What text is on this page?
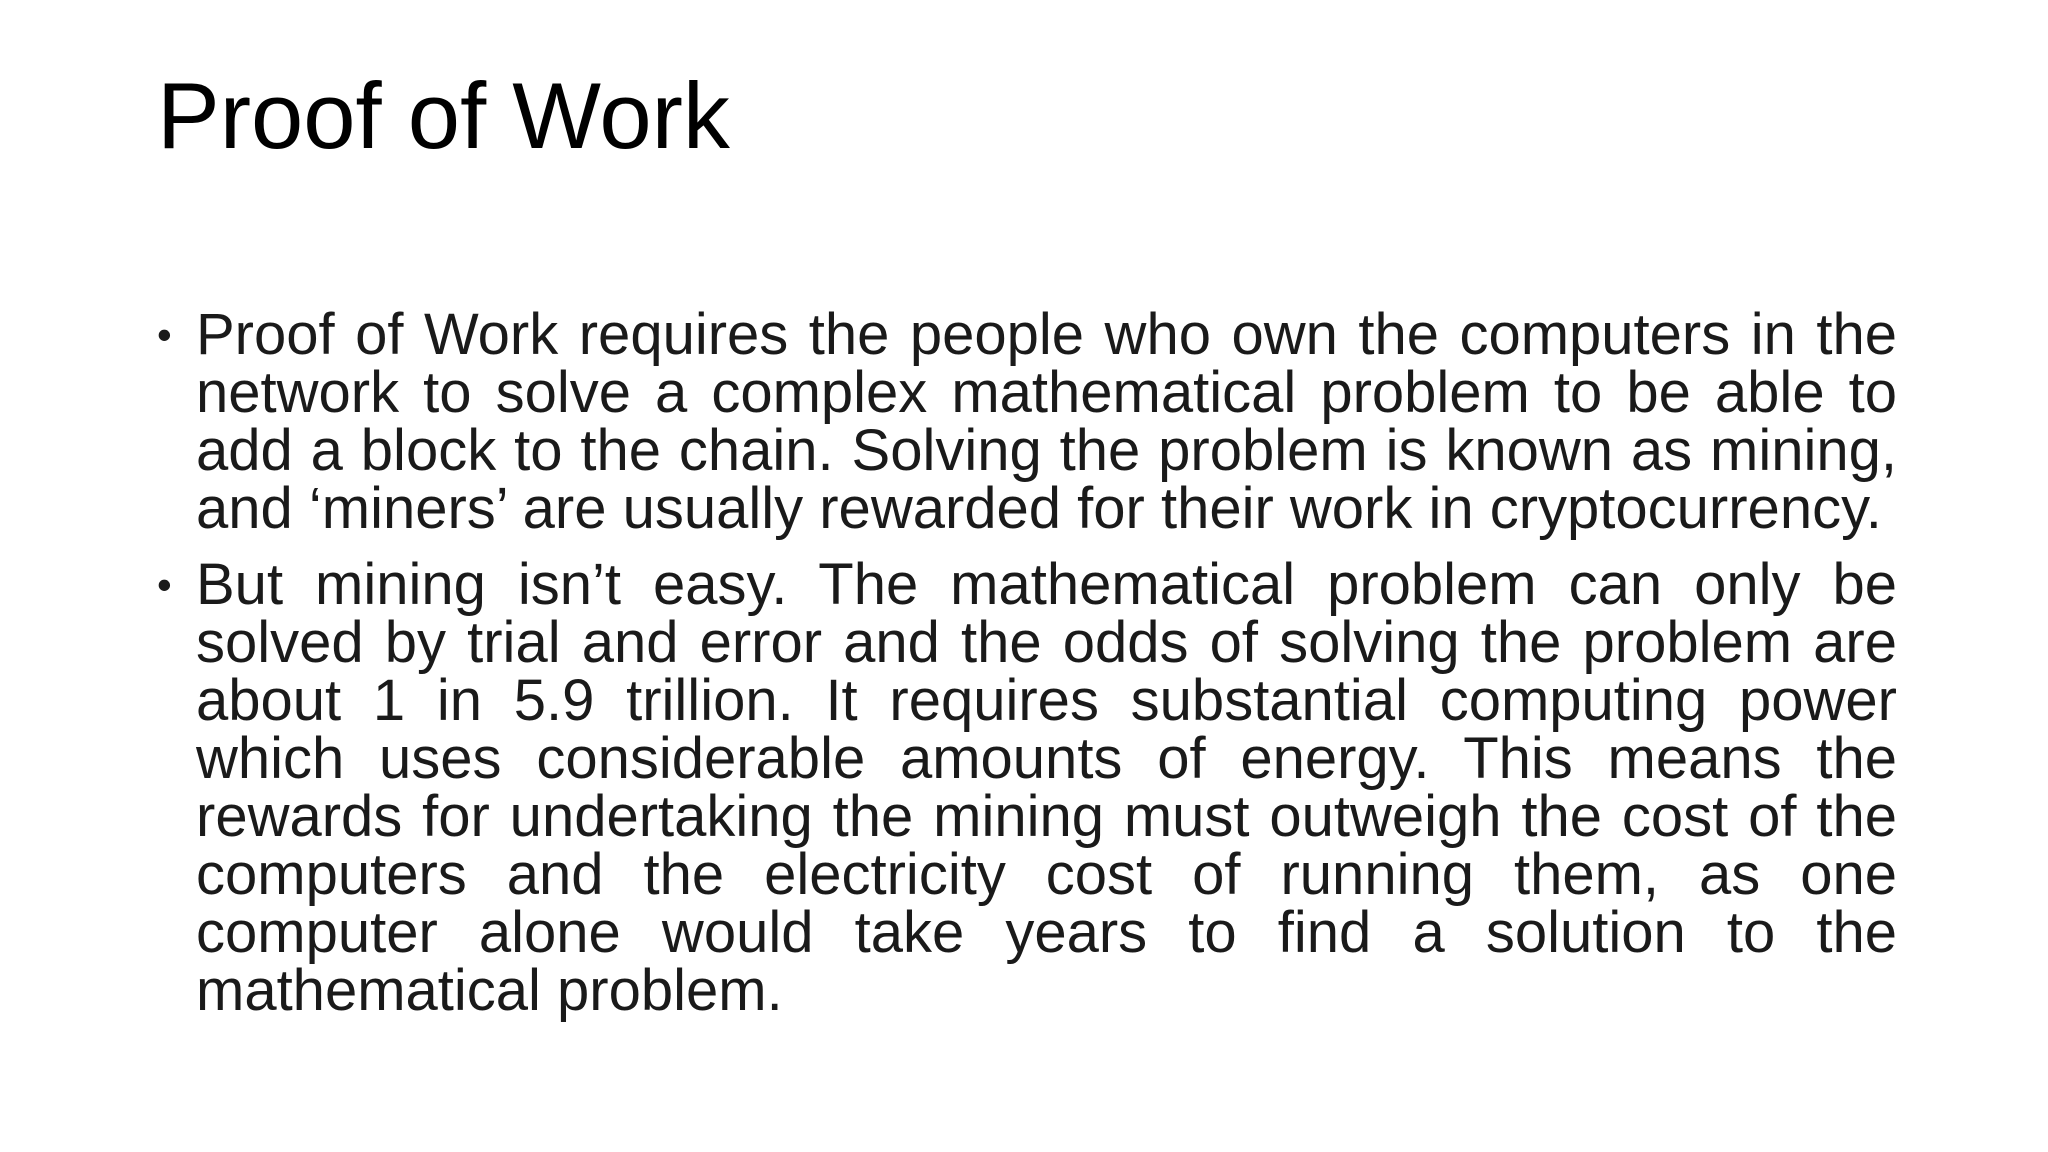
Proof of Work
• Proof of Work requires the people who own the computers in the network to solve a complex mathematical problem to be able to add a block to the chain. Solving the problem is known as mining, and ‘miners’ are usually rewarded for their work in cryptocurrency.
• But mining isn’t easy. The mathematical problem can only be solved by trial and error and the odds of solving the problem are about 1 in 5.9 trillion. It requires substantial computing power which uses considerable amounts of energy. This means the rewards for undertaking the mining must outweigh the cost of the computers and the electricity cost of running them, as one computer alone would take years to find a solution to the mathematical problem.
